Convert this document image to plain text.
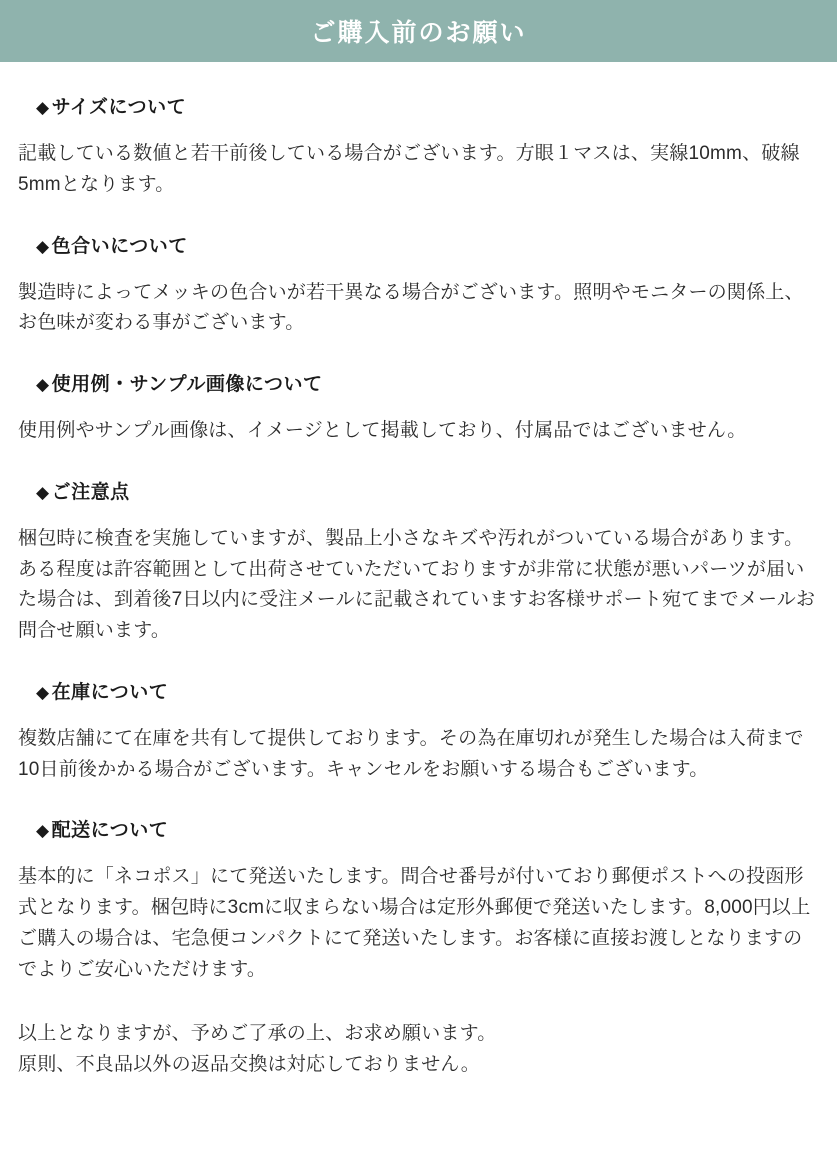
ご購入前のお願い
◆ サイズについて
記載している数値と若干前後している場合がございます。方眼１マスは、実線10mm、破線5mmとなります。
◆ 色合いについて
製造時によってメッキの色合いが若干異なる場合がございます。照明やモニターの関係上、お色味が変わる事がございます。
◆ 使用例・サンプル画像について
使用例やサンプル画像は、イメージとして掲載しており、付属品ではございません。
◆ ご注意点
梱包時に検査を実施していますが、製品上小さなキズや汚れがついている場合があります。ある程度は許容範囲として出荷させていただいておりますが非常に状態が悪いパーツが届いた場合は、到着後7日以内に受注メールに記載されていますお客様サポート宛てまでメールお問合せ願います。
◆ 在庫について
複数店舗にて在庫を共有して提供しております。その為在庫切れが発生した場合は入荷まで10日前後かかる場合がございます。キャンセルをお願いする場合もございます。
◆ 配送について
基本的に「ネコポス」にて発送いたします。問合せ番号が付いており郵便ポストへの投函形式となります。梱包時に3cmに収まらない場合は定形外郵便で発送いたします。8,000円以上ご購入の場合は、宅急便コンパクトにて発送いたします。お客様に直接お渡しとなりますのでよりご安心いただけます。
以上となりますが、予めご了承の上、お求め願います。
原則、不良品以外の返品交換は対応しておりません。
